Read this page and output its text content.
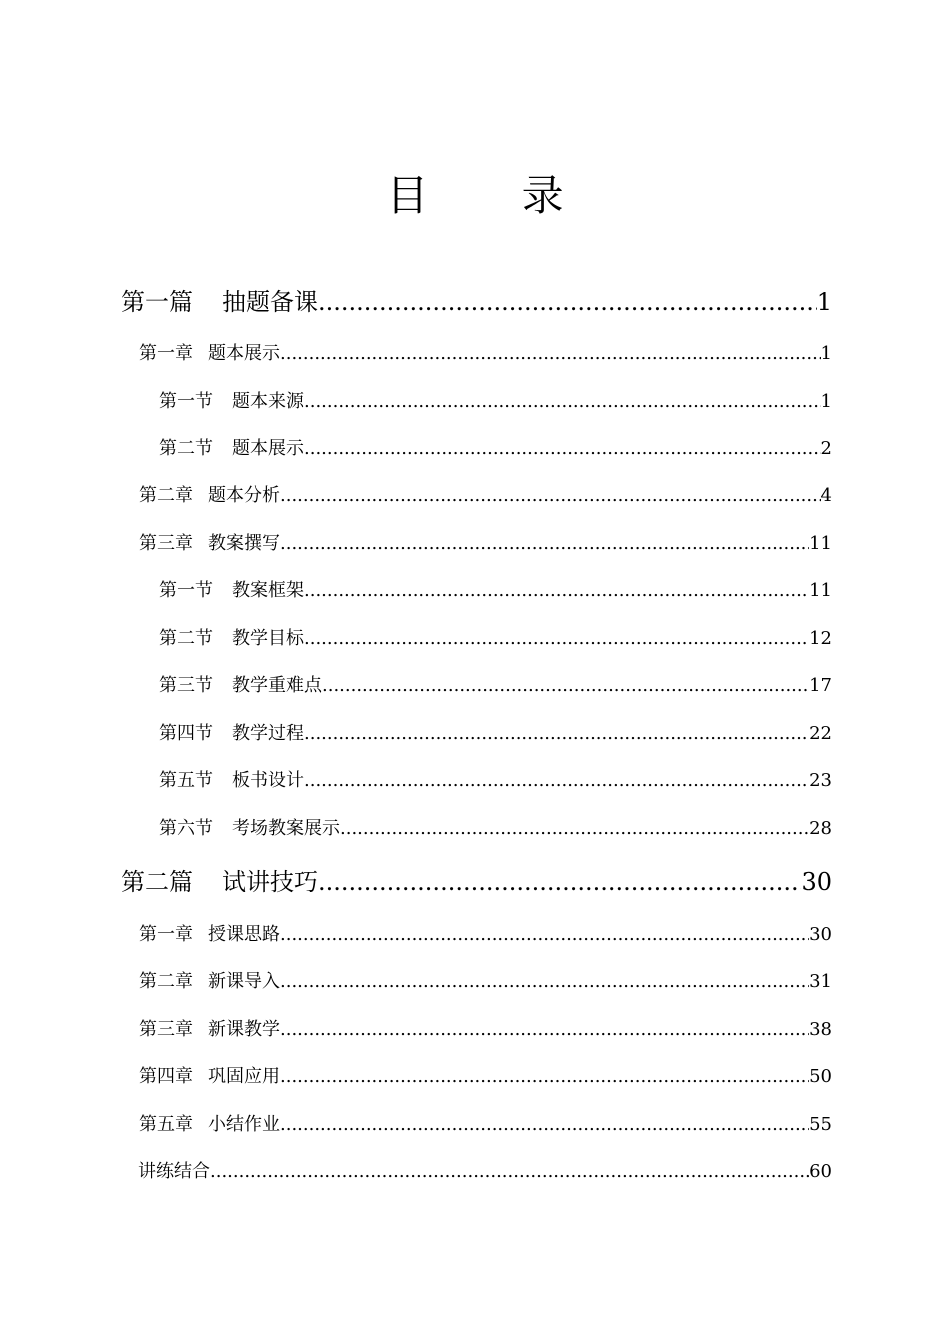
目 录
第一篇 抽题备课 .....	1
第一章 题本展示 .....	1
第一节 题本来源 .....	1
第二节 题本展示 .....	2
第二章 题本分析 .....	4
第三章 教案撰写 .....	11
第一节 教案框架 .....	11
第二节 教学目标 .....	12
第三节 教学重难点 .....	17
第四节 教学过程 .....	22
第五节 板书设计 .....	23
第六节 考场教案展示 .....	28
第二篇 试讲技巧 .....	30
第一章 授课思路 .....	30
第二章 新课导入 .....	31
第三章 新课教学 .....	38
第四章 巩固应用 .....	50
第五章 小结作业 .....	55
讲练结合 .....	60
